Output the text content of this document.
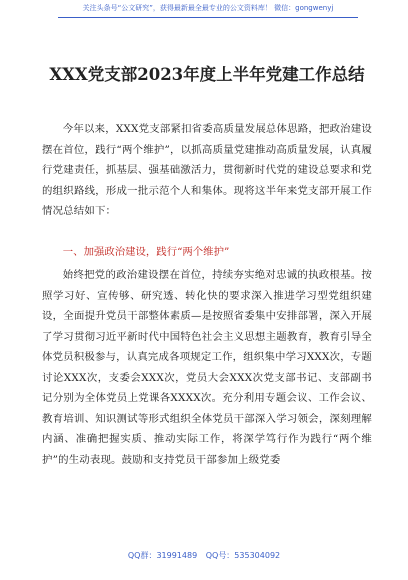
关注头条号“公文研究”，获得最新最全最专业的公文资料库！ 微信：gongwenyj
XXX党支部2023年度上半年党建工作总结

今年以来，XXX党支部紧扣省委高质量发展总体思路，把政治建设摆在首位，践行“两个维护”，以抓高质量党建推动高质量发展，认真履行党建责任，抓基层、强基础激活力，贯彻新时代党的建设总要求和党的组织路线，形成一批示范个人和集体。现将这半年来党支部开展工作情况总结如下：

一、加强政治建设，践行“两个维护”

始终把党的政治建设摆在首位，持续夯实绝对忠诚的执政根基。按照学习好、宣传够、研究透、转化快的要求深入推进学习型党组织建设，全面提升党员干部整体素质—是按照省委集中安排部署，深入开展了学习贯彻习近平新时代中国特色社会主义思想主题教育，教育引导全体党员积极参与，认真完成各项规定工作，组织集中学习XXX次，专题讨论XXX次，支委会XXX次，党员大会XXX次党支部书记、支部副书记分别为全体党员上党课各XXXX次。充分利用专题会议、工作会议、教育培训、知识测试等形式组织全体党员干部深入学习领会，深刻理解内涵、准确把握实质、推动实际工作，将深学笃行作为践行“两个维护”的生动表现。鼓励和支持党员干部参加上级党委

QQ群：31991489 QQ号：535304092
